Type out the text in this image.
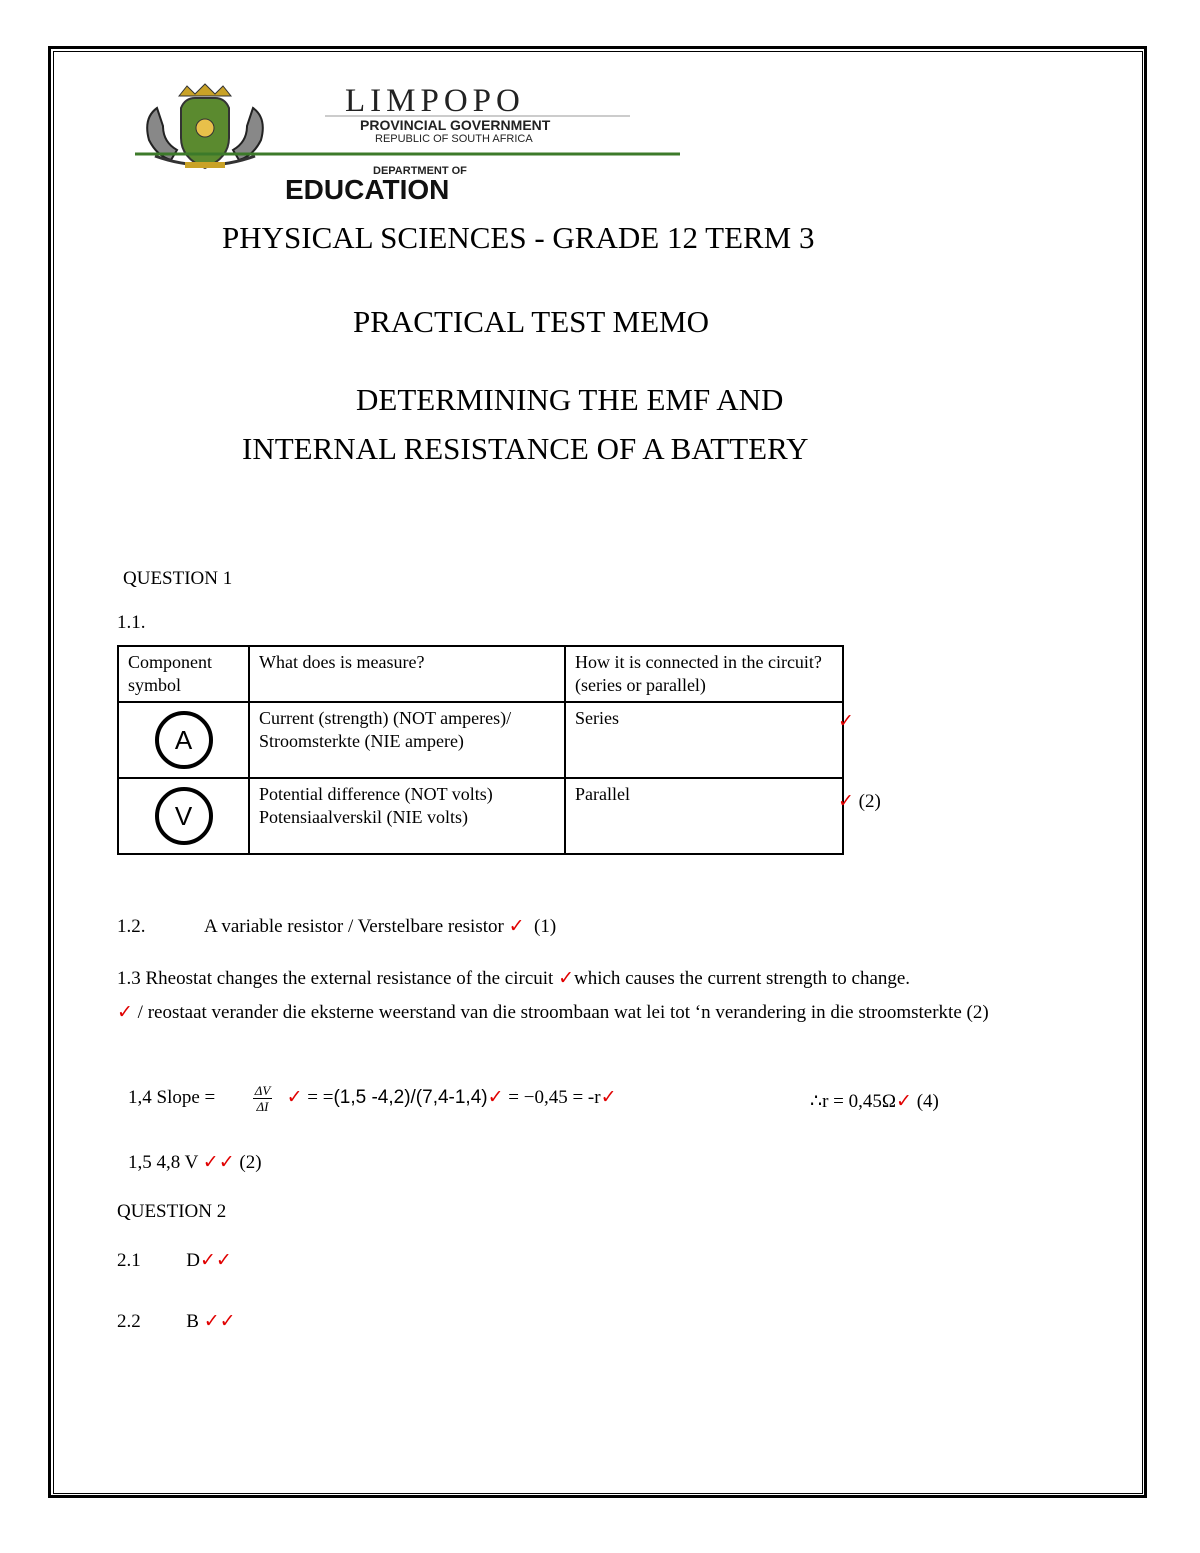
LIMPOPO
PROVINCIAL GOVERNMENT
REPUBLIC OF SOUTH AFRICA
DEPARTMENT OF
EDUCATION
PHYSICAL SCIENCES - GRADE 12 TERM 3
PRACTICAL TEST MEMO
DETERMINING THE EMF AND
INTERNAL RESISTANCE OF A BATTERY
QUESTION 1
1.1.
Component symbol	What does is measure?	How it is connected in the circuit? (series or parallel)

A	Current (strength) (NOT amperes)/ Stroomsterkte (NIE ampere)	Series

V	Potential difference (NOT volts) Potensiaalverskil (NIE volts)	Parallel
✓
✓ (2)
1.2.	A variable resistor / Verstelbare resistor ✓ (1)
1.3 Rheostat changes the external resistance of the circuit ✓which causes the current strength to change.
✓ / reostaat verander die eksterne weerstand van die stroombaan wat lei tot ‘n verandering in die stroomsterkte (2)
1,4 Slope =	$\frac{\Delta V}{\Delta I}$ ✓ = =(1,5 -4,2)/(7,4-1,4)✓ = −0,45 = -r✓	∴r = 0,45Ω✓ (4)
1,5 4,8 V ✓✓ (2)
QUESTION 2
2.1 D✓✓
2.2 B ✓✓
